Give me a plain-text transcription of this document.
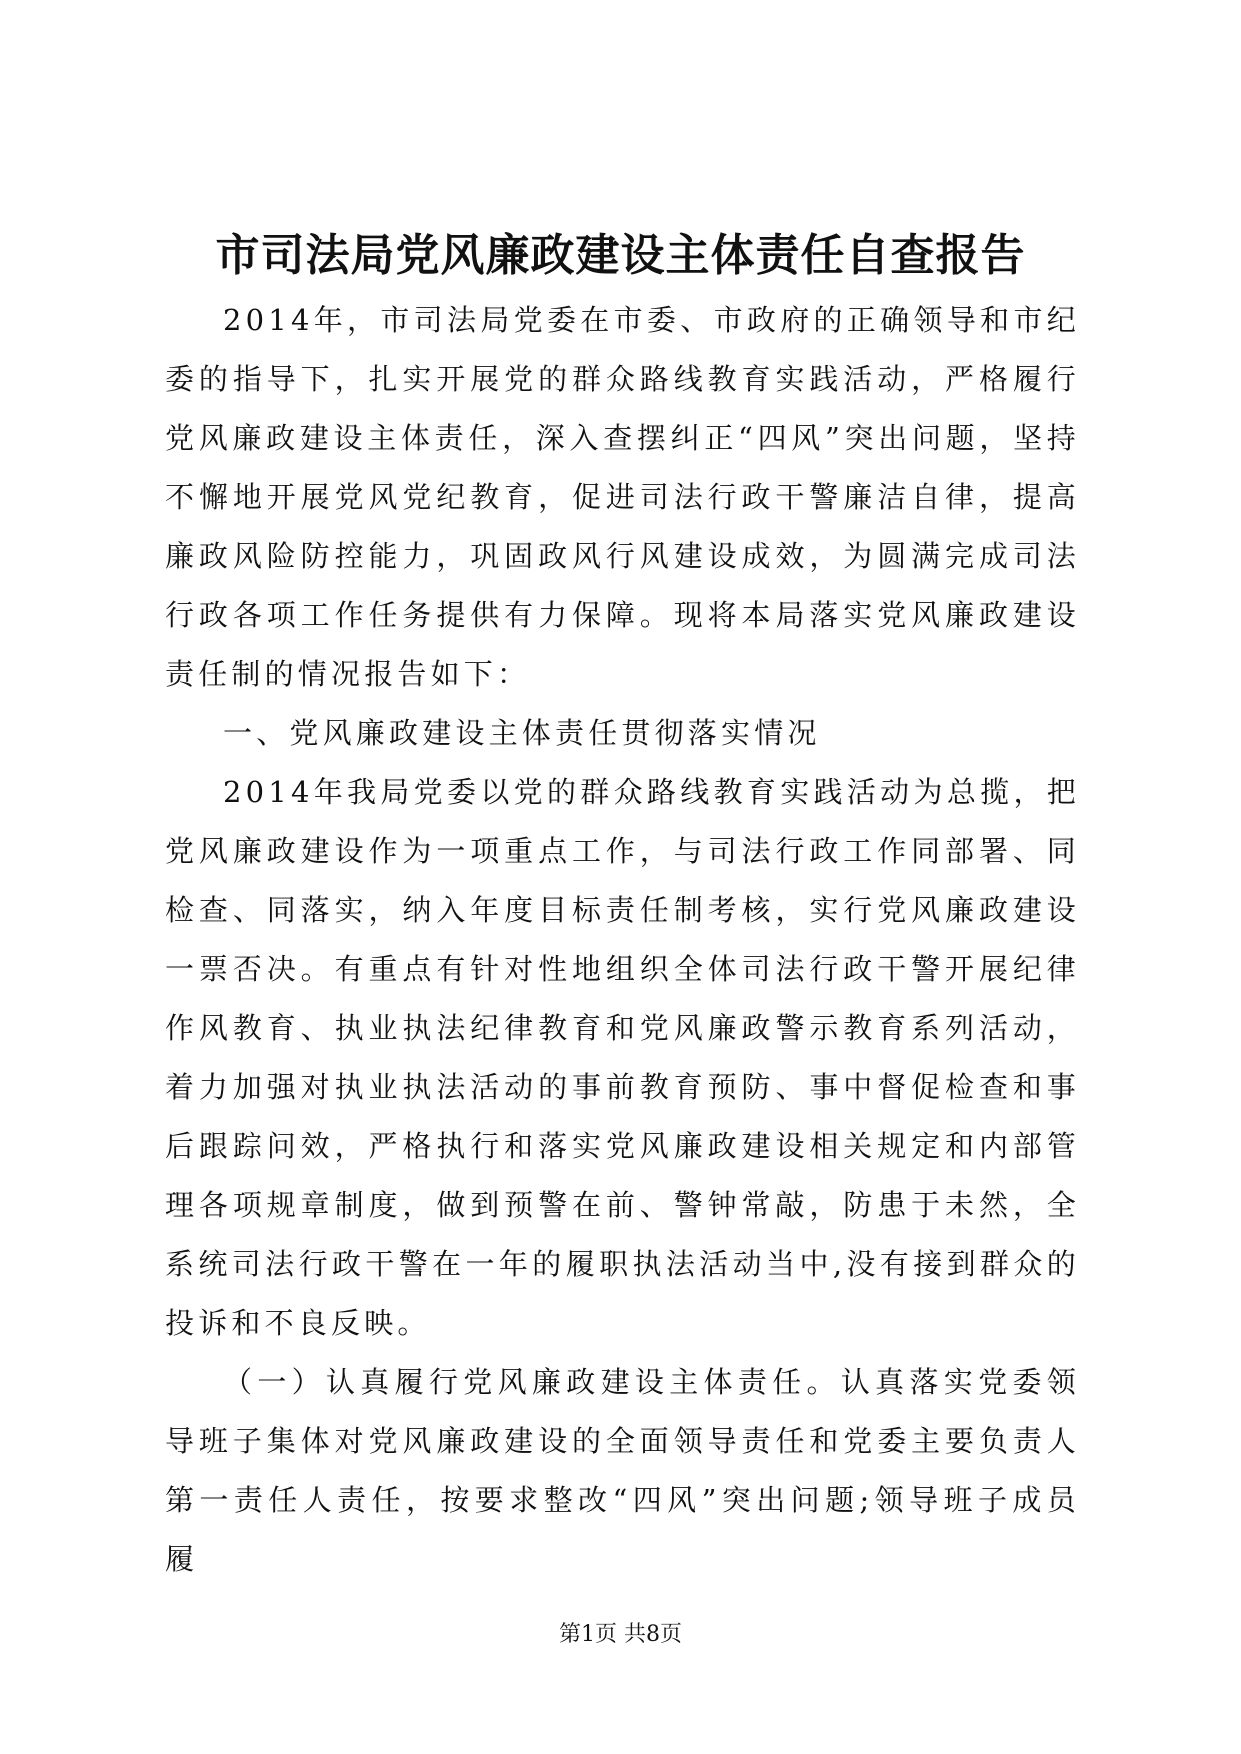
市司法局党风廉政建设主体责任自查报告

2014年，市司法局党委在市委、市政府的正确领导和市纪委的指导下，扎实开展党的群众路线教育实践活动，严格履行党风廉政建设主体责任，深入查摆纠正“四风”突出问题，坚持不懈地开展党风党纪教育，促进司法行政干警廉洁自律，提高廉政风险防控能力，巩固政风行风建设成效，为圆满完成司法行政各项工作任务提供有力保障。现将本局落实党风廉政建设责任制的情况报告如下：

一、党风廉政建设主体责任贯彻落实情况

2014年我局党委以党的群众路线教育实践活动为总揽，把党风廉政建设作为一项重点工作，与司法行政工作同部署、同检查、同落实，纳入年度目标责任制考核，实行党风廉政建设一票否决。有重点有针对性地组织全体司法行政干警开展纪律作风教育、执业执法纪律教育和党风廉政警示教育系列活动，着力加强对执业执法活动的事前教育预防、事中督促检查和事后跟踪问效，严格执行和落实党风廉政建设相关规定和内部管理各项规章制度，做到预警在前、警钟常敲，防患于未然，全系统司法行政干警在一年的履职执法活动当中,没有接到群众的投诉和不良反映。

（一）认真履行党风廉政建设主体责任。认真落实党委领导班子集体对党风廉政建设的全面领导责任和党委主要负责人第一责任人责任，按要求整改“四风”突出问题;领导班子成员履

第1页 共8页
